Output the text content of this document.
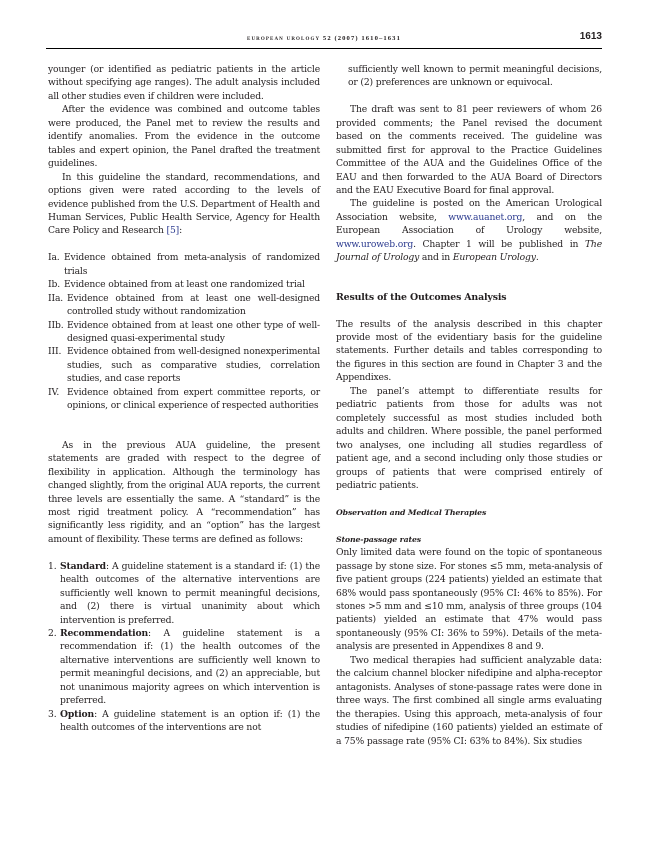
european urology 52 (2007) 1610–1631	1613

younger (or identified as pediatric patients in the article without specifying age ranges). The adult analysis included all other studies even if children were included.

After the evidence was combined and outcome tables were produced, the Panel met to review the results and identify anomalies. From the evidence in the outcome tables and expert opinion, the Panel drafted the treatment guidelines.

In this guideline the standard, recommendations, and options given were rated according to the levels of evidence published from the U.S. Department of Health and Human Services, Public Health Service, Agency for Health Care Policy and Research [5]:

Ia. Evidence obtained from meta-analysis of randomized trials
Ib. Evidence obtained from at least one randomized trial
IIa. Evidence obtained from at least one well-designed controlled study without randomization
IIb. Evidence obtained from at least one other type of well-designed quasi-experimental study
III. Evidence obtained from well-designed nonexperimental studies, such as comparative studies, correlation studies, and case reports
IV. Evidence obtained from expert committee reports, or opinions, or clinical experience of respected authorities

As in the previous AUA guideline, the present statements are graded with respect to the degree of flexibility in application. Although the terminology has changed slightly, from the original AUA reports, the current three levels are essentially the same. A “standard” is the most rigid treatment policy. A “recommendation” has significantly less rigidity, and an “option” has the largest amount of flexibility. These terms are defined as follows:

1. Standard: A guideline statement is a standard if: (1) the health outcomes of the alternative interventions are sufficiently well known to permit meaningful decisions, and (2) there is virtual unanimity about which intervention is preferred.
2. Recommendation: A guideline statement is a recommendation if: (1) the health outcomes of the alternative interventions are sufficiently well known to permit meaningful decisions, and (2) an appreciable, but not unanimous majority agrees on which intervention is preferred.
3. Option: A guideline statement is an option if: (1) the health outcomes of the interventions are not

sufficiently well known to permit meaningful decisions, or (2) preferences are unknown or equivocal.

The draft was sent to 81 peer reviewers of whom 26 provided comments; the Panel revised the document based on the comments received. The guideline was submitted first for approval to the Practice Guidelines Committee of the AUA and the Guidelines Office of the EAU and then forwarded to the AUA Board of Directors and the EAU Executive Board for final approval.

The guideline is posted on the American Urological Association website, www.auanet.org, and on the European Association of Urology website, www.uroweb.org. Chapter 1 will be published in The Journal of Urology and in European Urology.

Results of the Outcomes Analysis

The results of the analysis described in this chapter provide most of the evidentiary basis for the guideline statements. Further details and tables corresponding to the figures in this section are found in Chapter 3 and the Appendixes.

The panel’s attempt to differentiate results for pediatric patients from those for adults was not completely successful as most studies included both adults and children. Where possible, the panel performed two analyses, one including all studies regardless of patient age, and a second including only those studies or groups of patients that were comprised entirely of pediatric patients.

Observation and Medical Therapies
Stone-passage rates

Only limited data were found on the topic of spontaneous passage by stone size. For stones ≤5 mm, meta-analysis of five patient groups (224 patients) yielded an estimate that 68% would pass spontaneously (95% CI: 46% to 85%). For stones >5 mm and ≤10 mm, analysis of three groups (104 patients) yielded an estimate that 47% would pass spontaneously (95% CI: 36% to 59%). Details of the meta-analysis are presented in Appendixes 8 and 9.

Two medical therapies had sufficient analyzable data: the calcium channel blocker nifedipine and alpha-receptor antagonists. Analyses of stone-passage rates were done in three ways. The first combined all single arms evaluating the therapies. Using this approach, meta-analysis of four studies of nifedipine (160 patients) yielded an estimate of a 75% passage rate (95% CI: 63% to 84%). Six studies
